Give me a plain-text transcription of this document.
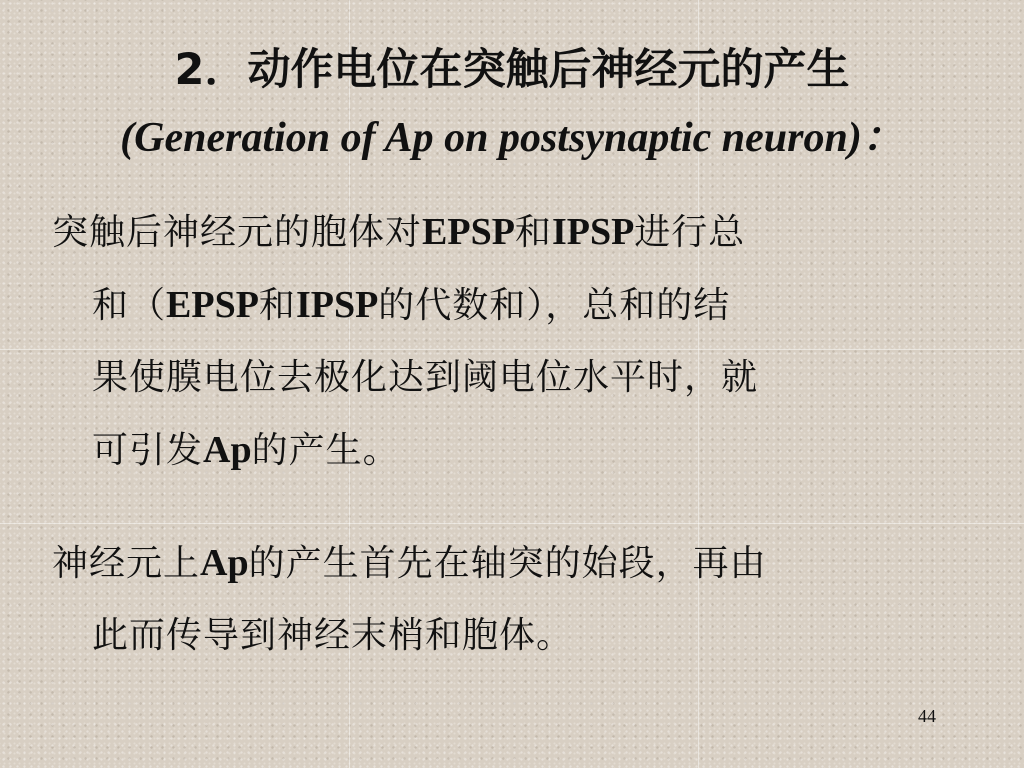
2．动作电位在突触后神经元的产生
(Generation of Ap on postsynaptic neuron)：
突触后神经元的胞体对EPSP和IPSP进行总
和（EPSP和IPSP的代数和），总和的结
果使膜电位去极化达到阈电位水平时，就
可引发Ap的产生。
神经元上Ap的产生首先在轴突的始段，再由
此而传导到神经末梢和胞体。
44
